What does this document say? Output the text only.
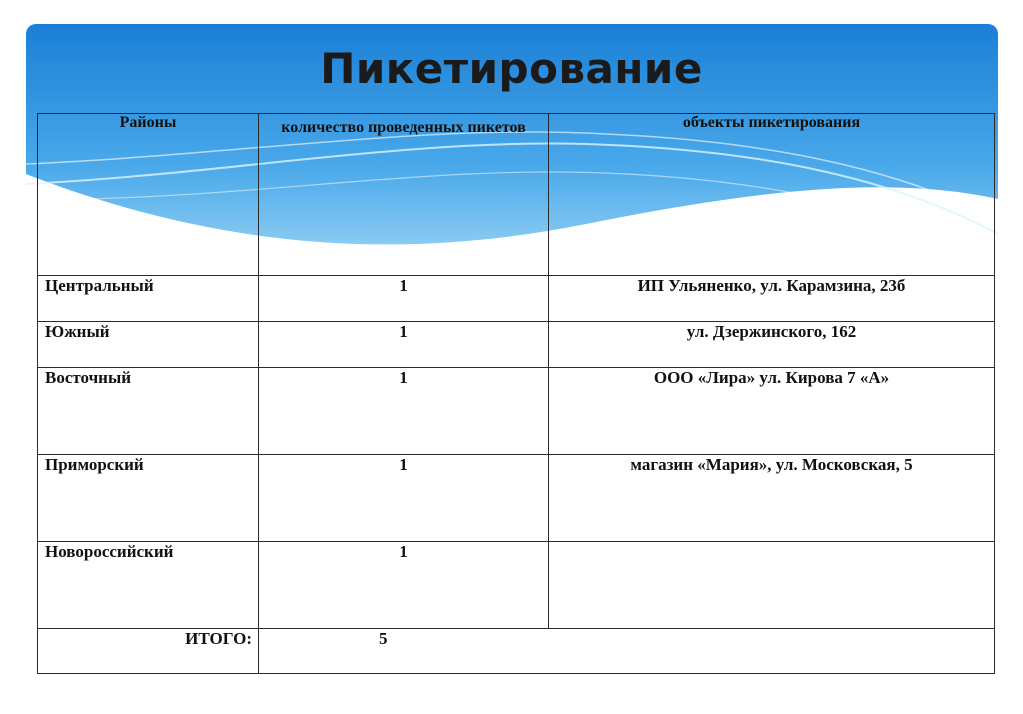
Пикетирование
Районы	количество проведенных пикетов	объекты пикетирования
Центральный	1	ИП Ульяненко, ул. Карамзина, 23б
Южный	1	ул. Дзержинского, 162
Восточный	1	ООО «Лира» ул. Кирова 7 «А»
Приморский	1	магазин «Мария», ул. Московская, 5
Новороссийский	1	
ИТОГО:	5	
